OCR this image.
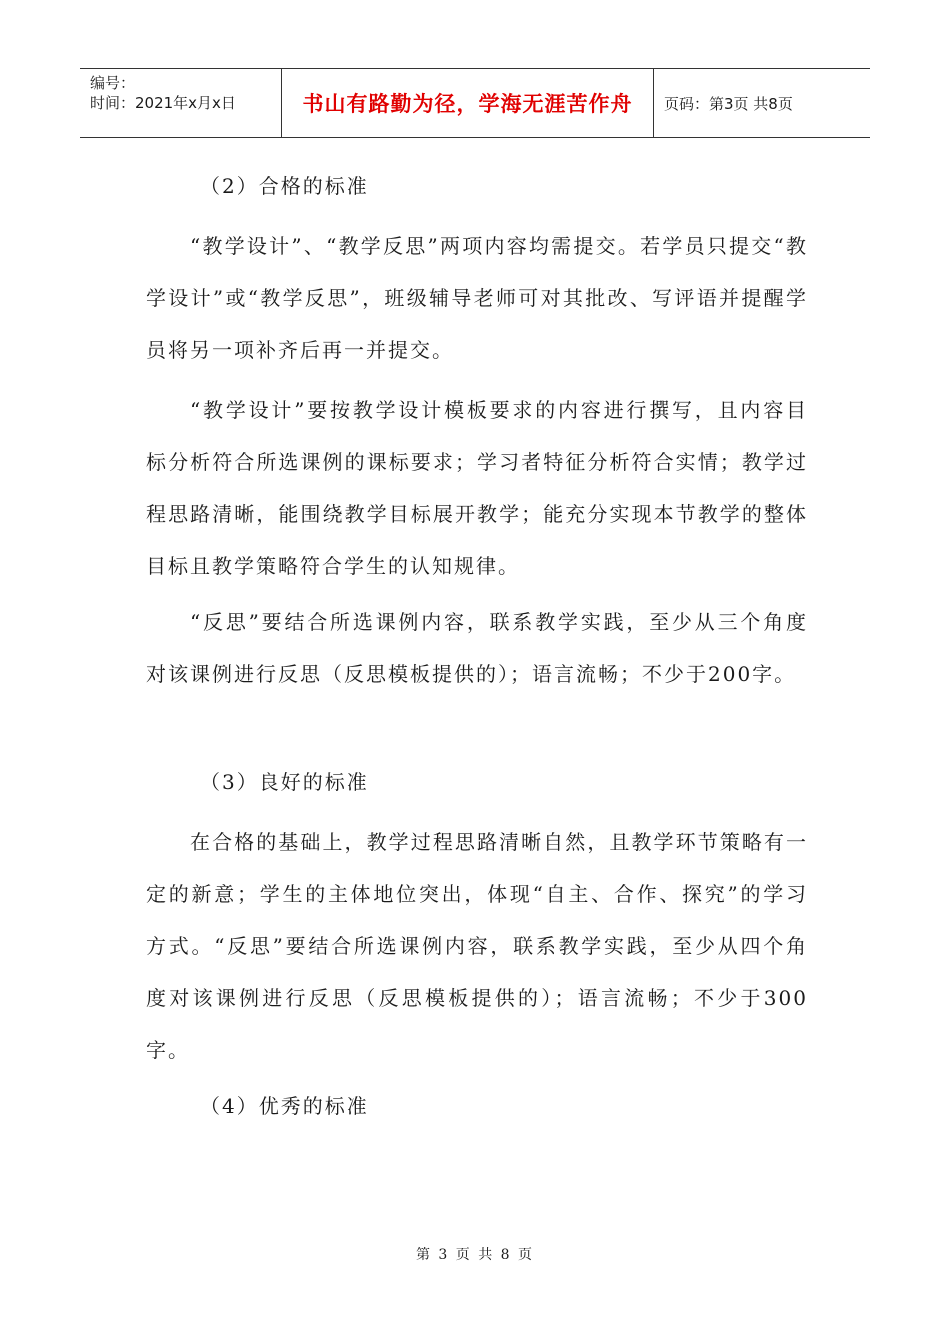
编号：
时间：2021年x月x日	书山有路勤为径，学海无涯苦作舟	页码：第3页 共8页

（2）合格的标准

“教学设计”、“教学反思”两项内容均需提交。若学员只提交“教学设计”或“教学反思”，班级辅导老师可对其批改、写评语并提醒学员将另一项补齐后再一并提交。

“教学设计”要按教学设计模板要求的内容进行撰写，且内容目标分析符合所选课例的课标要求；学习者特征分析符合实情；教学过程思路清晰，能围绕教学目标展开教学；能充分实现本节教学的整体目标且教学策略符合学生的认知规律。

“反思”要结合所选课例内容，联系教学实践，至少从三个角度对该课例进行反思（反思模板提供的）；语言流畅；不少于200字。

（3）良好的标准

在合格的基础上，教学过程思路清晰自然，且教学环节策略有一定的新意；学生的主体地位突出，体现“自主、合作、探究”的学习方式。“反思”要结合所选课例内容，联系教学实践，至少从四个角度对该课例进行反思（反思模板提供的）；语言流畅；不少于300字。

（4）优秀的标准

第 3 页 共 8 页
